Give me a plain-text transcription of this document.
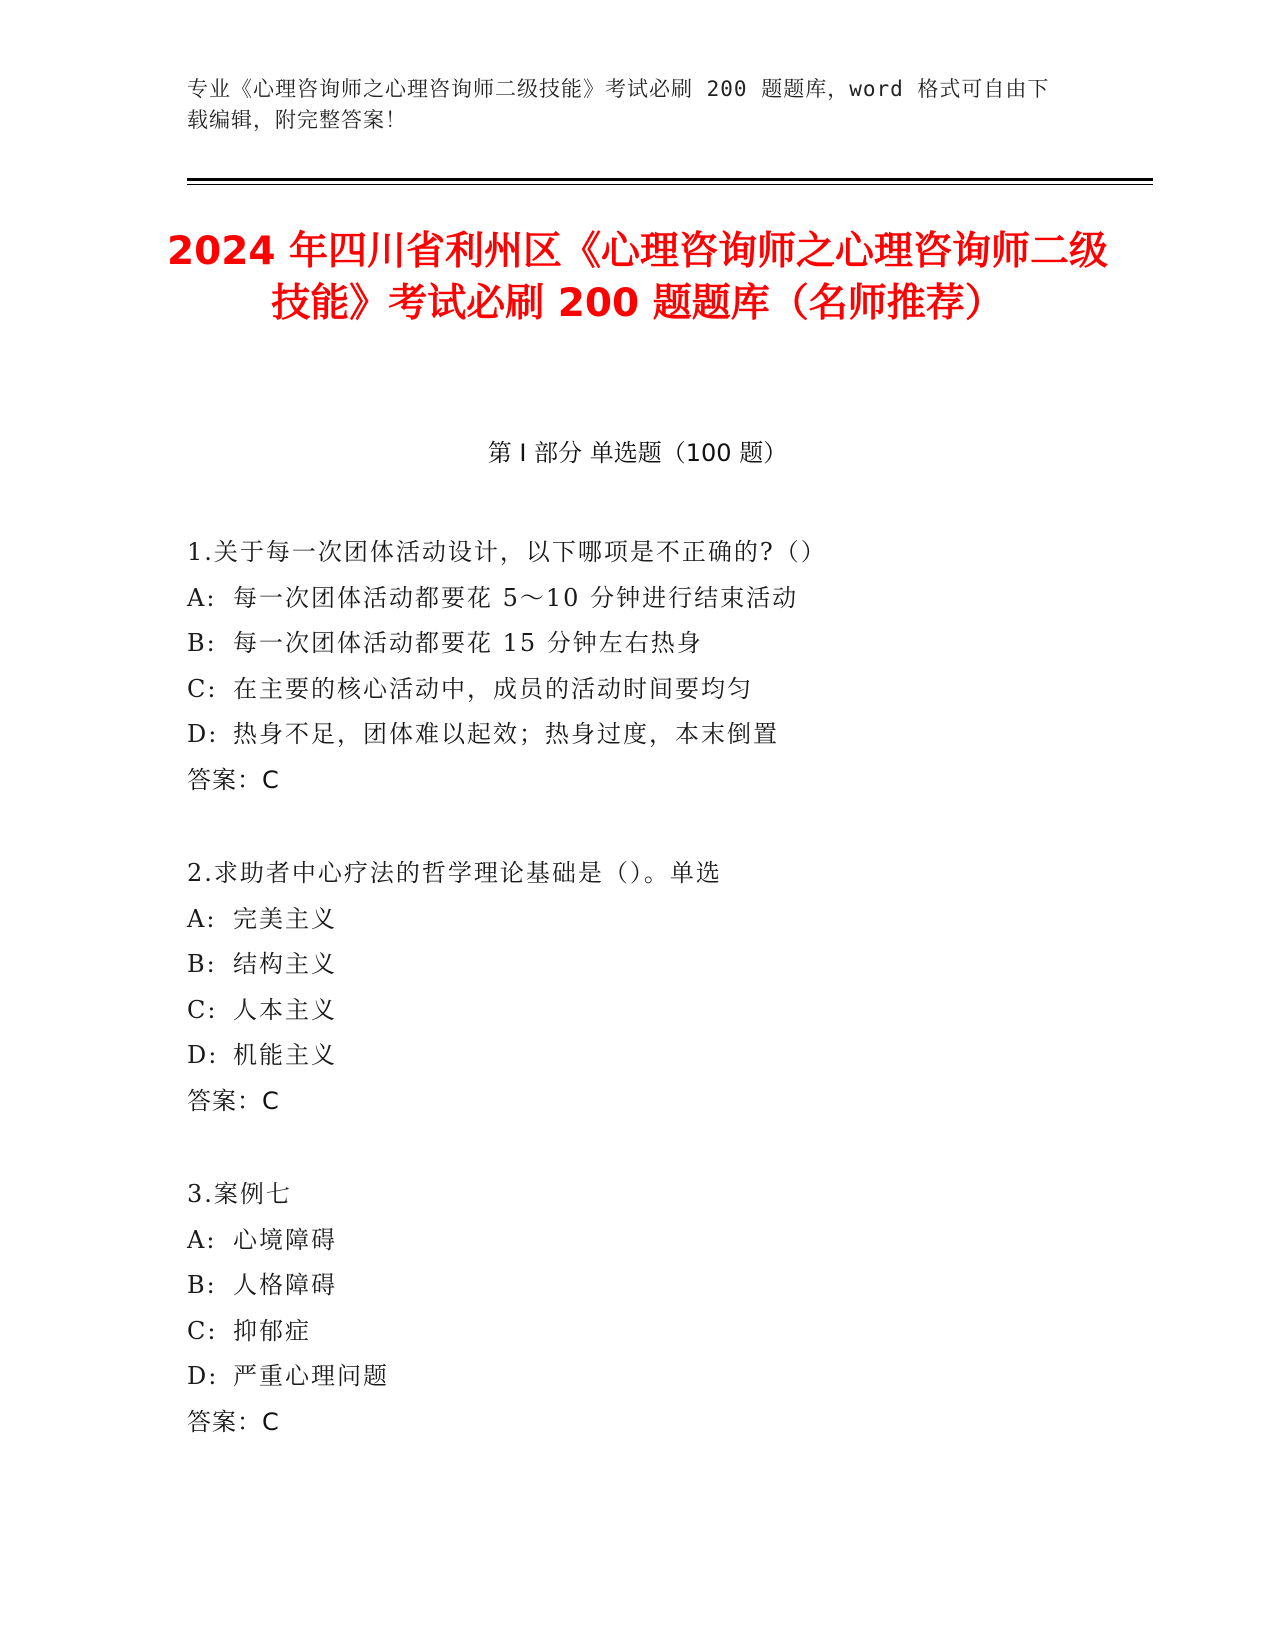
专业《心理咨询师之心理咨询师二级技能》考试必刷 200 题题库，word 格式可自由下载编辑，附完整答案！
2024 年四川省利州区《心理咨询师之心理咨询师二级技能》考试必刷 200 题题库（名师推荐）
第 I 部分 单选题（100 题）
1.关于每一次团体活动设计，以下哪项是不正确的?（）
A: 每一次团体活动都要花 5～10 分钟进行结束活动
B: 每一次团体活动都要花 15 分钟左右热身
C: 在主要的核心活动中，成员的活动时间要均匀
D: 热身不足，团体难以起效；热身过度，本末倒置
答案：C
2.求助者中心疗法的哲学理论基础是（）。单选
A: 完美主义
B: 结构主义
C: 人本主义
D: 机能主义
答案：C
3.案例七
A: 心境障碍
B: 人格障碍
C: 抑郁症
D: 严重心理问题
答案：C
